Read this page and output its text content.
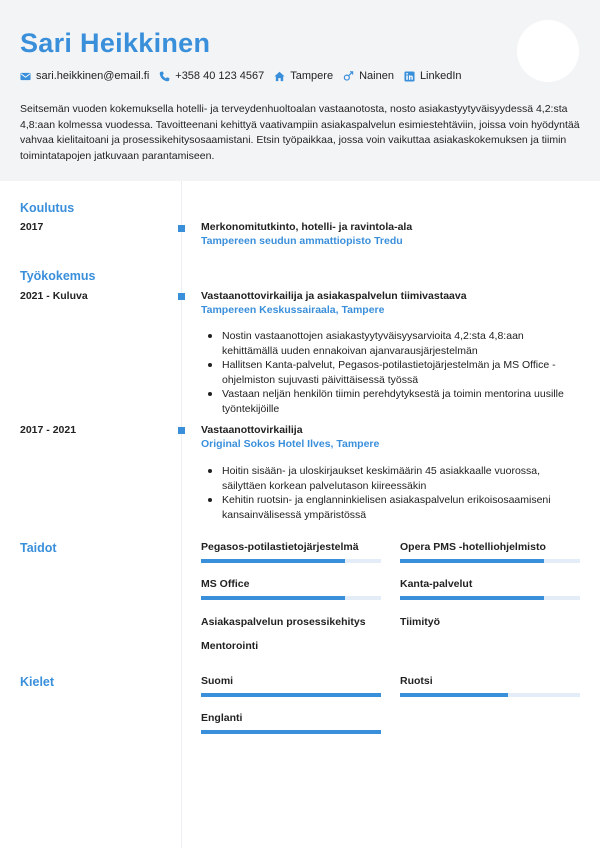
Sari Heikkinen
sari.heikkinen@email.fi +358 40 123 4567 Tampere Nainen LinkedIn

Seitsemän vuoden kokemuksella hotelli- ja terveydenhuoltoalan vastaanotosta, nosto asiakastyytyväisyydessä 4,2:sta 4,8:aan kolmessa vuodessa. Tavoitteenani kehittyä vaativampiin asiakaspalvelun esimiestehtäviin, joissa voin hyödyntää vahvaa kielitaitoani ja prosessikehitysosaamistani. Etsin työpaikkaa, jossa voin vaikuttaa asiakaskokemuksen ja tiimin toimintatapojen jatkuvaan parantamiseen.

Koulutus
2017	Merkonomitutkinto, hotelli- ja ravintola-ala
Tampereen seudun ammattiopisto Tredu
Työkokemus
2021 - Kuluva	Vastaanottovirkailija ja asiakaspalvelun tiimivastaava
Tampereen Keskussairaala, Tampere
Nostin vastaanottojen asiakastyytyväisyysarvioita 4,2:sta 4,8:aan kehittämällä uuden ennakoivan ajanvarausjärjestelmän
Hallitsen Kanta-palvelut, Pegasos-potilastietojärjestelmän ja MS Office -ohjelmiston sujuvasti päivittäisessä työssä
Vastaan neljän henkilön tiimin perehdytyksestä ja toimin mentorina uusille työntekijöille
2017 - 2021	Vastaanottovirkailija
Original Sokos Hotel Ilves, Tampere
Hoitin sisään- ja uloskirjaukset keskimäärin 45 asiakkaalle vuorossa, säilyttäen korkean palvelutason kiireessäkin
Kehitin ruotsin- ja englanninkielisen asiakaspalvelun erikoisosaamiseni kansainvälisessä ympäristössä
Taidot	Pegasos-potilastietojärjestelmä	Opera PMS -hotelliohjelmisto
MS Office	Kanta-palvelut
Asiakaspalvelun prosessikehitys	Tiimityö
Mentorointi
Kielet	Suomi	Ruotsi
Englanti
